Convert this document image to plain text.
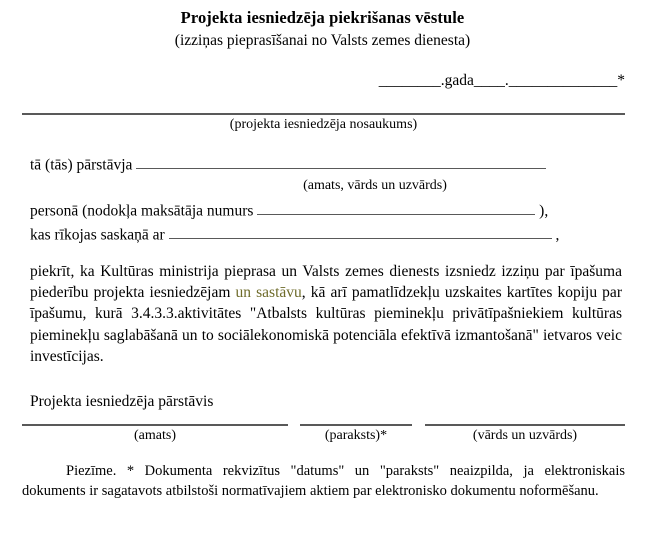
Projekta iesniedzēja piekrišanas vēstule
(izziņas pieprasīšanai no Valsts zemes dienesta)
________.gada____.______________*
(projekta iesniedzēja nosaukums)
tā (tās) pārstāvja
(amats, vārds un uzvārds)
personā (nodokļa maksātāja numurs	),
kas rīkojas saskaņā ar	,
piekrīt, ka Kultūras ministrija pieprasa un Valsts zemes dienests izsniedz izziņu par īpašuma piederību projekta iesniedzējam un sastāvu, kā arī pamatlīdzekļu uzskaites kartītes kopiju par īpašumu, kurā 3.4.3.3.aktivitātes "Atbalsts kultūras pieminekļu privātīpašniekiem kultūras pieminekļu saglabāšanā un to sociālekonomiskā potenciāla efektīvā izmantošanā" ietvaros veic investīcijas.
Projekta iesniedzēja pārstāvis
(amats)	(paraksts)*	(vārds un uzvārds)
Piezīme. * Dokumenta rekvizītus "datums" un "paraksts" neaizpilda, ja elektroniskais dokuments ir sagatavots atbilstoši normatīvajiem aktiem par elektronisko dokumentu noformēšanu.
